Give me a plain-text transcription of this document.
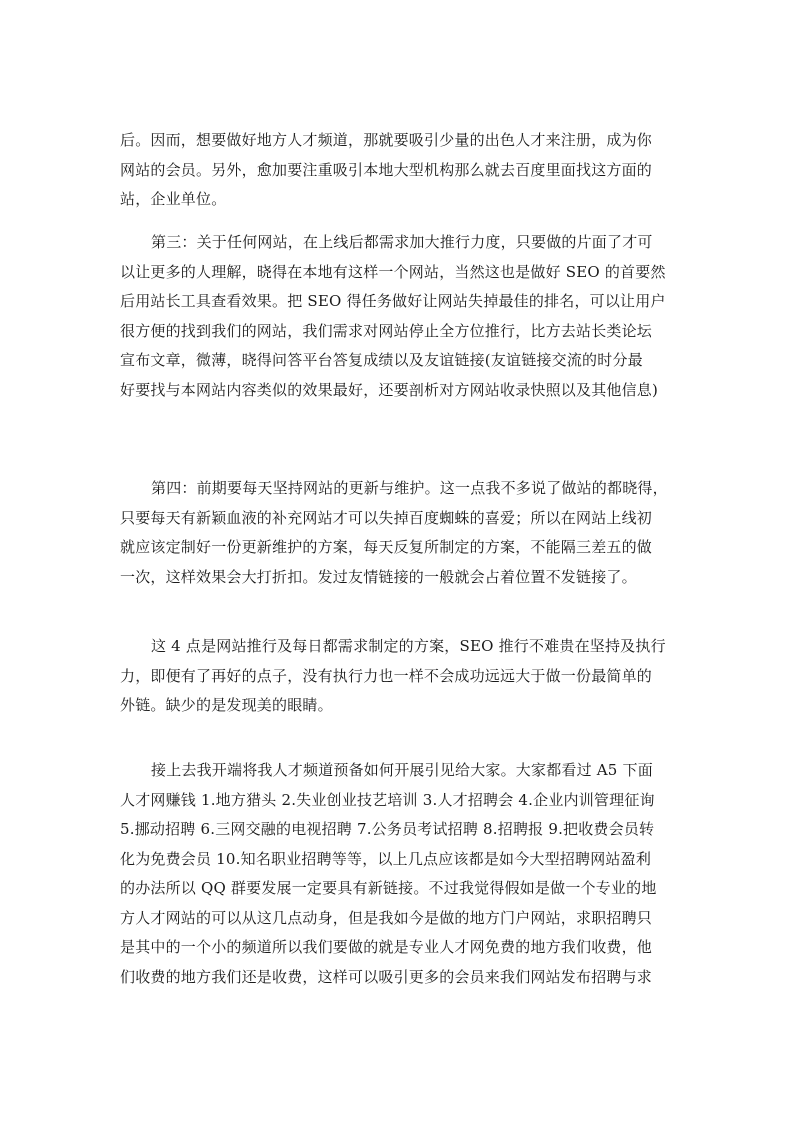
后。因而，想要做好地方人才频道，那就要吸引少量的出色人才来注册，成为你
网站的会员。另外，愈加要注重吸引本地大型机构那么就去百度里面找这方面的
站，企业单位。
第三：关于任何网站，在上线后都需求加大推行力度，只要做的片面了才可
以让更多的人理解，晓得在本地有这样一个网站，当然这也是做好 SEO 的首要然
后用站长工具查看效果。把 SEO 得任务做好让网站失掉最佳的排名，可以让用户
很方便的找到我们的网站，我们需求对网站停止全方位推行，比方去站长类论坛
宣布文章，微薄，晓得问答平台答复成绩以及友谊链接(友谊链接交流的时分最
好要找与本网站内容类似的效果最好，还要剖析对方网站收录快照以及其他信息)
第四：前期要每天坚持网站的更新与维护。这一点我不多说了做站的都晓得，
只要每天有新颖血液的补充网站才可以失掉百度蜘蛛的喜爱；所以在网站上线初
就应该定制好一份更新维护的方案，每天反复所制定的方案，不能隔三差五的做
一次，这样效果会大打折扣。发过友情链接的一般就会占着位置不发链接了。
这 4 点是网站推行及每日都需求制定的方案，SEO 推行不难贵在坚持及执行
力，即便有了再好的点子，没有执行力也一样不会成功远远大于做一份最简单的
外链。缺少的是发现美的眼睛。
接上去我开端将我人才频道预备如何开展引见给大家。大家都看过 A5 下面
人才网赚钱 1.地方猎头 2.失业创业技艺培训 3.人才招聘会 4.企业内训管理征询
5.挪动招聘 6.三网交融的电视招聘 7.公务员考试招聘 8.招聘报 9.把收费会员转
化为免费会员 10.知名职业招聘等等，以上几点应该都是如今大型招聘网站盈利
的办法所以 QQ 群要发展一定要具有新链接。不过我觉得假如是做一个专业的地
方人才网站的可以从这几点动身，但是我如今是做的地方门户网站，求职招聘只
是其中的一个小的频道所以我们要做的就是专业人才网免费的地方我们收费，他
们收费的地方我们还是收费，这样可以吸引更多的会员来我们网站发布招聘与求
